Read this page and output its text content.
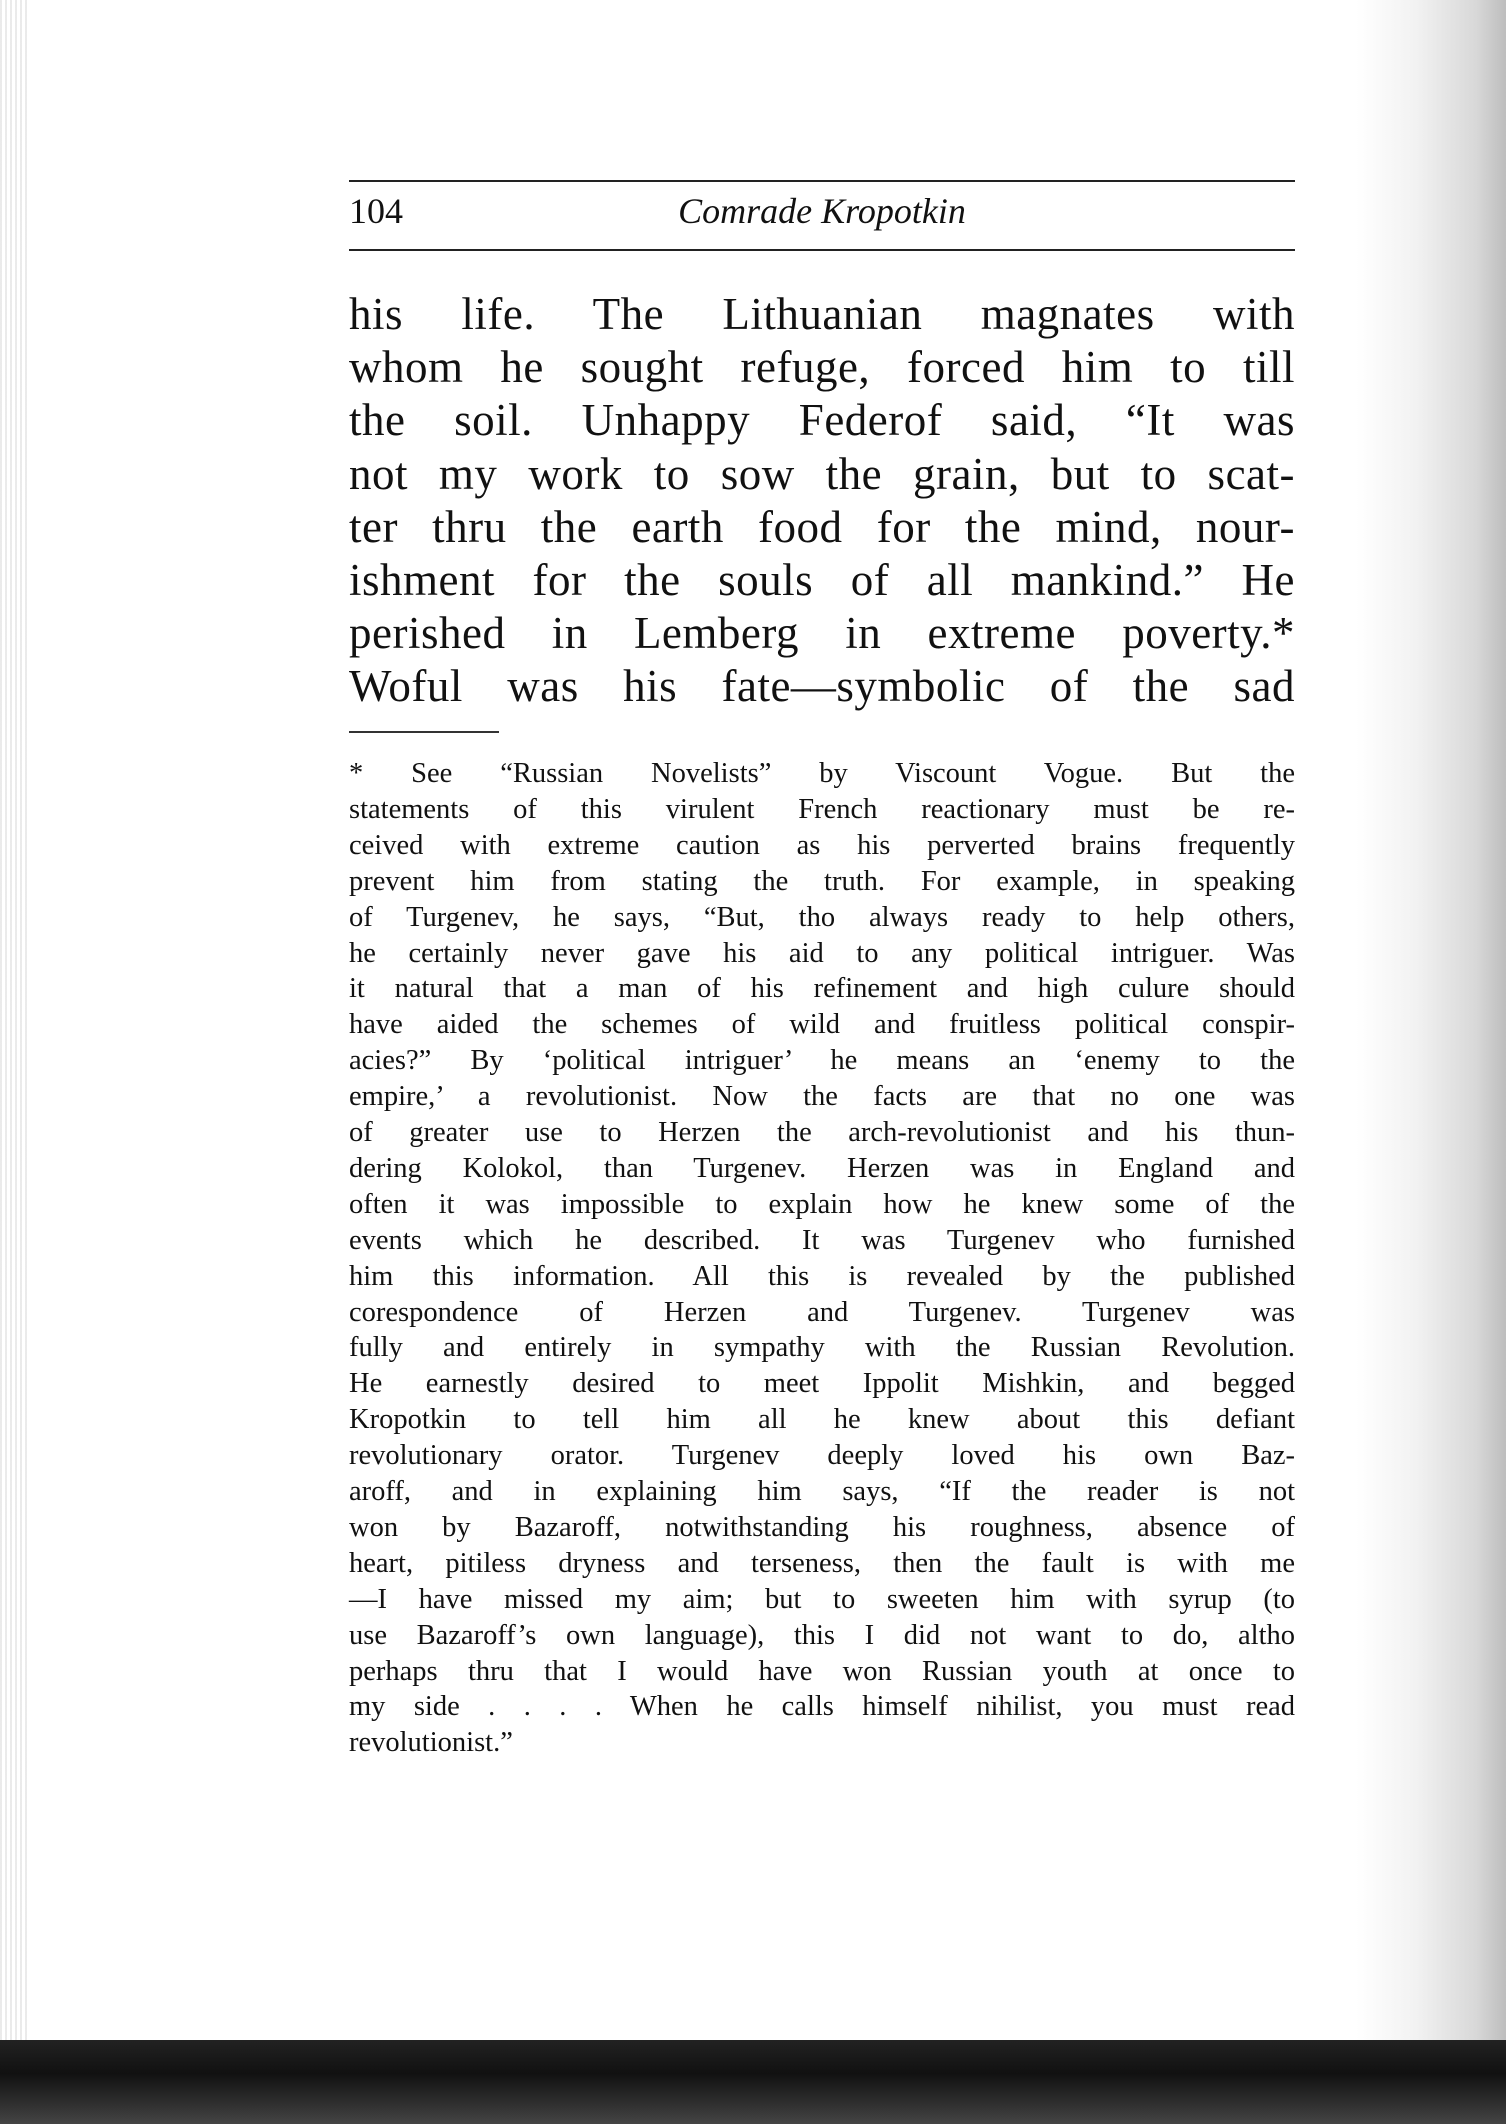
104	Comrade Kropotkin
his life. The Lithuanian magnates with
whom he sought refuge, forced him to till
the soil. Unhappy Federof said, “It was
not my work to sow the grain, but to scat-
ter thru the earth food for the mind, nour-
ishment for the souls of all mankind.” He
perished in Lemberg in extreme poverty.*
Woful was his fate—symbolic of the sad
* See “Russian Novelists” by Viscount Vogue. But the
statements of this virulent French reactionary must be re-
ceived with extreme caution as his perverted brains frequently
prevent him from stating the truth. For example, in speaking
of Turgenev, he says, “But, tho always ready to help others,
he certainly never gave his aid to any political intriguer. Was
it natural that a man of his refinement and high culure should
have aided the schemes of wild and fruitless political conspir-
acies?” By ‘political intriguer’ he means an ‘enemy to the
empire,’ a revolutionist. Now the facts are that no one was
of greater use to Herzen the arch-revolutionist and his thun-
dering Kolokol, than Turgenev. Herzen was in England and
often it was impossible to explain how he knew some of the
events which he described. It was Turgenev who furnished
him this information. All this is revealed by the published
corespondence of Herzen and Turgenev. Turgenev was
fully and entirely in sympathy with the Russian Revolution.
He earnestly desired to meet Ippolit Mishkin, and begged
Kropotkin to tell him all he knew about this defiant
revolutionary orator. Turgenev deeply loved his own Baz-
aroff, and in explaining him says, “If the reader is not
won by Bazaroff, notwithstanding his roughness, absence of
heart, pitiless dryness and terseness, then the fault is with me
—I have missed my aim; but to sweeten him with syrup (to
use Bazaroff’s own language), this I did not want to do, altho
perhaps thru that I would have won Russian youth at once to
my side . . . . When he calls himself nihilist, you must read
revolutionist.”
